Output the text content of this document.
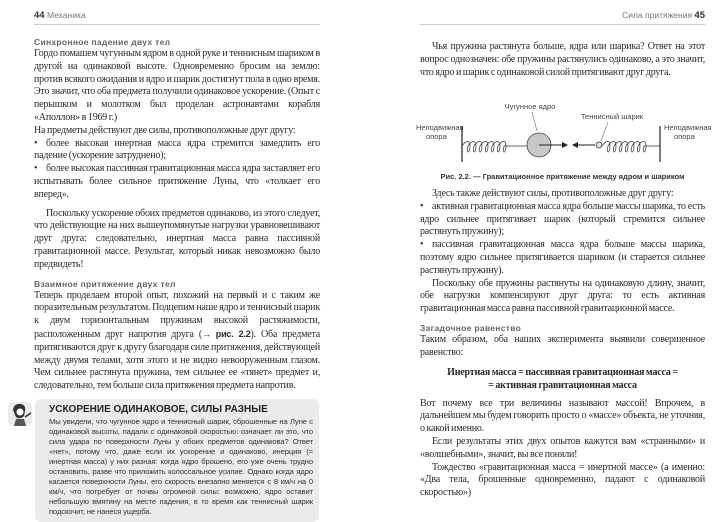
44 Механика
Синхронное падение двух тел

Гордо помашем чугунным ядром в одной руке и теннисным шариком в другой на одинаковой высоте. Одновременно бросим на землю: против всякого ожидания и ядро и шарик достигнут пола в одно время. Это значит, что оба предмета получили одинаковое ускорение. (Опыт с перышком и молотком был проделан астронавтами корабля «Аполлон» в 1969 г.)

На предметы действуют две силы, противоположные друг другу:

• более высокая инертная масса ядра стремится замедлить его падение (ускорение затруднено);

• более высокая пассивная гравитационная масса ядра заставляет его испытывать более сильное притяжение Луны, что «толкает его вперед».

Поскольку ускорение обоих предметов одинаково, из этого следует, что действующие на них вышеупомянутые нагрузки уравновешивают друг друга: следовательно, инертная масса равна пассивной гравитационной массе. Результат, который никак невозможно было предвидеть!

Взаимное притяжение двух тел

Теперь проделаем второй опыт, похожий на первый и с таким же поразительным результатом. Подцепим наше ядро и теннисный шарик к двум горизонтальным пружинам высокой растяжимости, расположенным друг напротив друга (→ рис. 2.2). Оба предмета притягиваются друг к другу благодаря силе притяжения, действующей между двумя телами, хотя этого и не видно невооруженным глазом. Чем сильнее растянута пружина, тем сильнее ее «тянет» предмет и, следовательно, тем больше сила притяжения предмета напротив.

УСКОРЕНИЕ ОДИНАКОВОЕ, СИЛЫ РАЗНЫЕ

Мы увидели, что чугунное ядро и теннисный шарик, сброшенные на Луне с одинаковой высоты, падали с одинаковой скоростью: означает ли это, что сила удара по поверхности Луны у обоих предметов одинакова? Ответ «нет», потому что, даже если их ускорение и одинаково, инерция (= инертная масса) у них разная: когда ядро брошено, его уже очень трудно остановить, разве что приложить колоссальное усилие. Однако когда ядро касается поверхности Луны, его скорость внезапно меняется с 8 км/ч на 0 км/ч, что потребует от почвы огромной силы: возможно, ядро оставит небольшую вмятину на месте падения, в то время как теннисный шарик подскочит, не нанеся ущерба.

Сила притяжения 45

Чья пружина растянута больше, ядра или шарика? Ответ на этот вопрос однозначен: обе пружины растянулись одинаково, а это значит, что ядро и шарик с одинаковой силой притягивают друг друга.

Неподвижная
опора
Неподвижная
опора
Чугунное ядро
Теннисный шарик
Рис. 2.2. — Гравитационное притяжение между ядром и шариком

Здесь также действуют силы, противоположные друг другу:

• активная гравитационная масса ядра больше массы шарика, то есть ядро сильнее притягивает шарик (который стремится сильнее растянуть пружину);

• пассивная гравитационная масса ядра больше массы шарика, поэтому ядро сильнее притягивается шариком (и старается сильнее растянуть пружину).

Поскольку обе пружины растянуты на одинаковую длину, значит, обе нагрузки компенсируют друг друга: то есть активная гравитационная масса равна пассивной гравитационной массе.

Загадочное равенство

Таким образом, оба наших эксперимента выявили совершенное равенство:

Инертная масса = пассивная гравитационная масса =
= активная гравитационная масса

Вот почему все три величины называют массой! Впрочем, в дальнейшем мы будем говорить просто о «массе» объекта, не уточняя, о какой именно.

Если результаты этих двух опытов кажутся вам «странными» и «волшебными», значит, вы все поняли!

Тождество «гравитационная масса = инертной массе» (а именно: «Два тела, брошенные одновременно, падают с одинаковой скоростью»)
